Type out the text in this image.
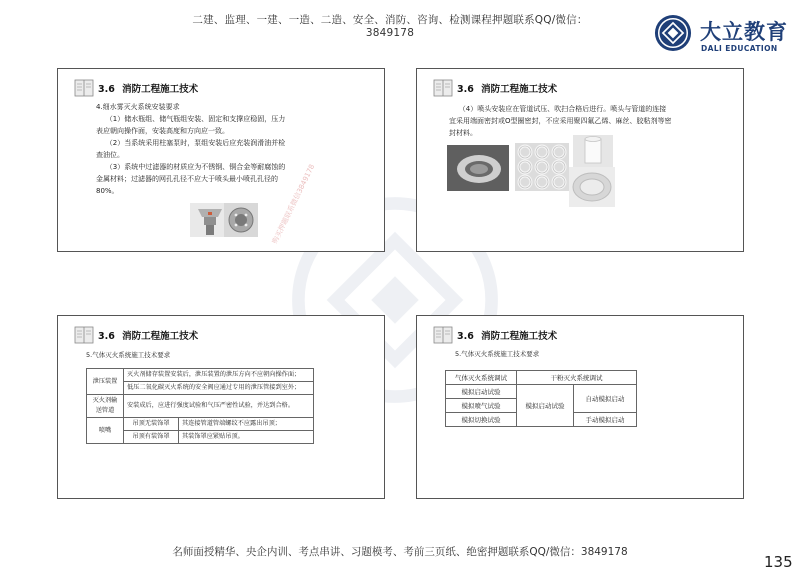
二建、监理、一建、一造、二造、安全、消防、咨询、检测课程押题联系QQ/微信：3849178	大立教育
DALI EDUCATION
3.6 消防工程施工技术

4.细水雾灭火系统安装要求

（1）储水瓶组、储气瓶组安装、固定和支撑应稳固，压力表应朝向操作面，安装高度和方向应一致。

（2）当系统采用柱塞泵时，泵组安装后应充装润滑油并检查油位。

（3）系统中过滤器的材质应为不锈钢、铜合金等耐腐蚀的金属材料；过滤器的网孔孔径不应大于喷头最小喷孔孔径的80%。	购买押题联系微信3849178
3.6 消防工程施工技术

（4）喷头安装应在管道试压、吹扫合格后进行。喷头与管道的连接宜采用端面密封或O型圈密封，不应采用聚四氟乙烯、麻丝、胶粘剂等密封材料。

3.6 消防工程施工技术
5.气体灭火系统施工技术要求
泄压装置	灭火剂储存装置安装后，泄压装置的泄压方向不应朝向操作面；	
	低压二氧化碳灭火系统的安全阀应通过专用的泄压管接到室外；	
灭火剂输送管道	安装成后，应进行强度试验和气压严密性试验，并达到合格。	
喷嘴	吊顶无装饰罩	其连接管道管端螺纹不应露出吊顶；
	吊顶有装饰罩	其装饰罩应紧贴吊顶。
3.6 消防工程施工技术
5.气体灭火系统施工技术要求
气体灭火系统调试	干粉灭火系统调试	
模拟启动试验	模拟启动试验	自动模拟启动
模拟喷气试验		
模拟切换试验		手动模拟启动
名师面授精华、央企内训、考点串讲、习题模考、考前三页纸、绝密押题联系QQ/微信：3849178
135
